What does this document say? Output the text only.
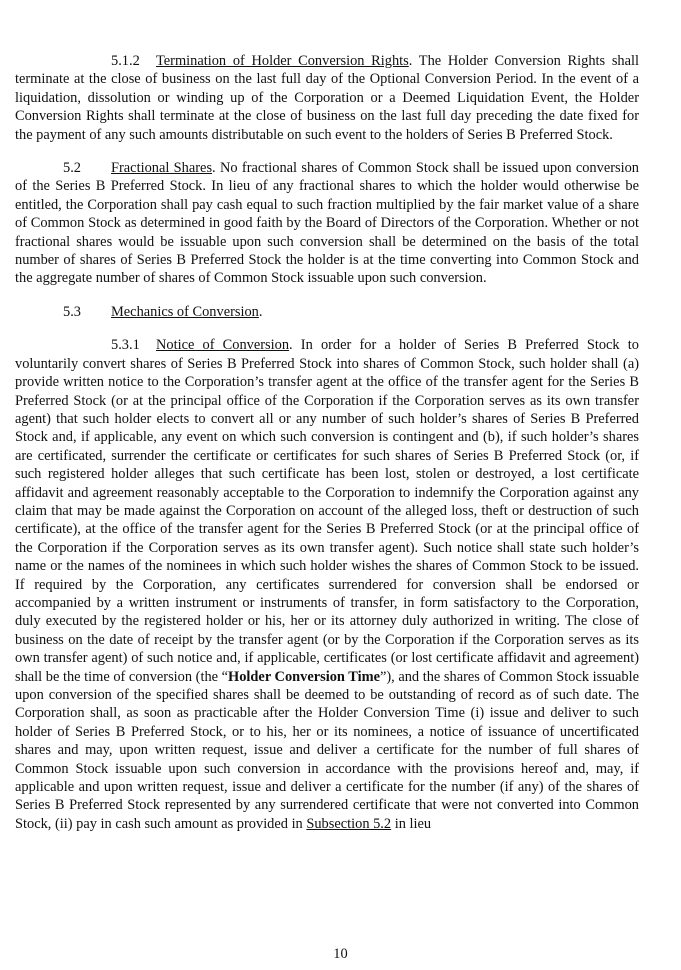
5.1.2 Termination of Holder Conversion Rights. The Holder Conversion Rights shall terminate at the close of business on the last full day of the Optional Conversion Period. In the event of a liquidation, dissolution or winding up of the Corporation or a Deemed Liquidation Event, the Holder Conversion Rights shall terminate at the close of business on the last full day preceding the date fixed for the payment of any such amounts distributable on such event to the holders of Series B Preferred Stock.

5.2 Fractional Shares. No fractional shares of Common Stock shall be issued upon conversion of the Series B Preferred Stock. In lieu of any fractional shares to which the holder would otherwise be entitled, the Corporation shall pay cash equal to such fraction multiplied by the fair market value of a share of Common Stock as determined in good faith by the Board of Directors of the Corporation. Whether or not fractional shares would be issuable upon such conversion shall be determined on the basis of the total number of shares of Series B Preferred Stock the holder is at the time converting into Common Stock and the aggregate number of shares of Common Stock issuable upon such conversion.

5.3 Mechanics of Conversion.

5.3.1 Notice of Conversion. In order for a holder of Series B Preferred Stock to voluntarily convert shares of Series B Preferred Stock into shares of Common Stock, such holder shall (a) provide written notice to the Corporation’s transfer agent at the office of the transfer agent for the Series B Preferred Stock (or at the principal office of the Corporation if the Corporation serves as its own transfer agent) that such holder elects to convert all or any number of such holder’s shares of Series B Preferred Stock and, if applicable, any event on which such conversion is contingent and (b), if such holder’s shares are certificated, surrender the certificate or certificates for such shares of Series B Preferred Stock (or, if such registered holder alleges that such certificate has been lost, stolen or destroyed, a lost certificate affidavit and agreement reasonably acceptable to the Corporation to indemnify the Corporation against any claim that may be made against the Corporation on account of the alleged loss, theft or destruction of such certificate), at the office of the transfer agent for the Series B Preferred Stock (or at the principal office of the Corporation if the Corporation serves as its own transfer agent). Such notice shall state such holder’s name or the names of the nominees in which such holder wishes the shares of Common Stock to be issued. If required by the Corporation, any certificates surrendered for conversion shall be endorsed or accompanied by a written instrument or instruments of transfer, in form satisfactory to the Corporation, duly executed by the registered holder or his, her or its attorney duly authorized in writing. The close of business on the date of receipt by the transfer agent (or by the Corporation if the Corporation serves as its own transfer agent) of such notice and, if applicable, certificates (or lost certificate affidavit and agreement) shall be the time of conversion (the “Holder Conversion Time”), and the shares of Common Stock issuable upon conversion of the specified shares shall be deemed to be outstanding of record as of such date. The Corporation shall, as soon as practicable after the Holder Conversion Time (i) issue and deliver to such holder of Series B Preferred Stock, or to his, her or its nominees, a notice of issuance of uncertificated shares and may, upon written request, issue and deliver a certificate for the number of full shares of Common Stock issuable upon such conversion in accordance with the provisions hereof and, may, if applicable and upon written request, issue and deliver a certificate for the number (if any) of the shares of Series B Preferred Stock represented by any surrendered certificate that were not converted into Common Stock, (ii) pay in cash such amount as provided in Subsection 5.2 in lieu

10
